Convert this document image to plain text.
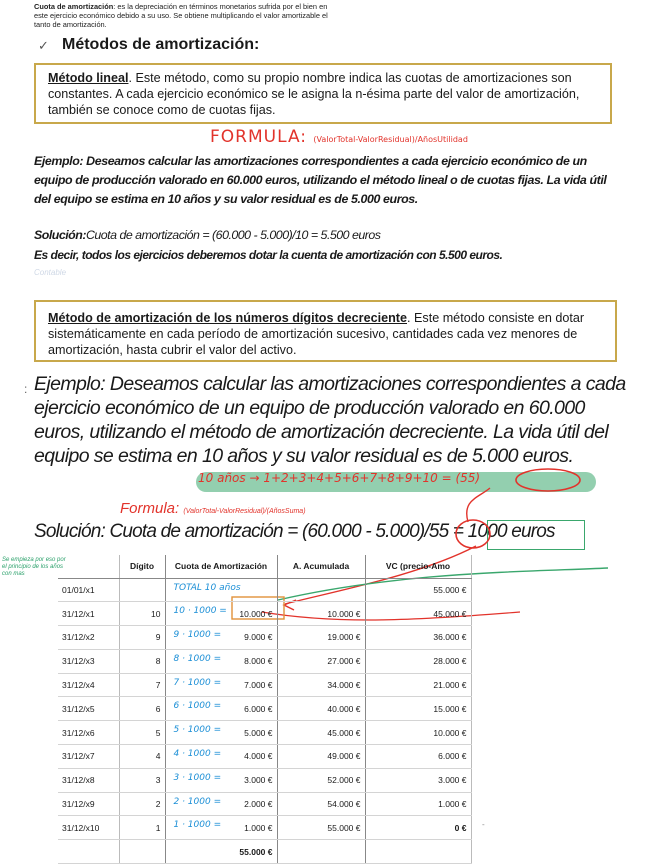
Cuota de amortización: es la depreciación en términos monetarios sufrida por el bien en este ejercicio económico debido a su uso. Se obtiene multiplicando el valor amortizable el tanto de amortización.
✓ Métodos de amortización:
Método lineal. Este método, como su propio nombre indica las cuotas de amortizaciones son constantes. A cada ejercicio económico se le asigna la n-ésima parte del valor de amortización, también se conoce como de cuotas fijas.
FORMULA: (ValorTotal-ValorResidual)/AñosUtilidad
Ejemplo: Deseamos calcular las amortizaciones correspondientes a cada ejercicio económico de un equipo de producción valorado en 60.000 euros, utilizando el método lineal o de cuotas fijas. La vida útil del equipo se estima en 10 años y su valor residual es de 5.000 euros.
Solución:Cuota de amortización = (60.000 - 5.000)/10 = 5.500 euros
Es decir, todos los ejercicios deberemos dotar la cuenta de amortización con 5.500 euros.
Contable
Método de amortización de los números dígitos decreciente. Este método consiste en dotar sistemáticamente en cada período de amortización sucesivo, cantidades cada vez menores de amortización, hasta cubrir el valor del activo.
: Ejemplo: Deseamos calcular las amortizaciones correspondientes a cada ejercicio económico de un equipo de producción valorado en 60.000 euros, utilizando el método de amortización decreciente. La vida útil del equipo se estima en 10 años y su valor residual es de 5.000 euros.
10 años → 1+2+3+4+5+6+7+8+9+10 = (55)
Formula: (ValorTotal-ValorResidual)/(AñosSuma)
Solución: Cuota de amortización = (60.000 - 5.000)/55 = 1000 euros
Se empieza por eso por el principio de los años con mas
	Dígito	Cuota de Amortización	A. Acumulada	VC (precio-Amo
01/01/x1		TOTAL 10 años		55.000 €
31/12/x1	10	10 · 1000 = 10.000 €	10.000 €	45.000 €
31/12/x2	9	9 · 1000 = 9.000 €	19.000 €	36.000 €
31/12/x3	8	8 · 1000 = 8.000 €	27.000 €	28.000 €
31/12/x4	7	7 · 1000 = 7.000 €	34.000 €	21.000 €
31/12/x5	6	6 · 1000 = 6.000 €	40.000 €	15.000 €
31/12/x6	5	5 · 1000 = 5.000 €	45.000 €	10.000 €
31/12/x7	4	4 · 1000 = 4.000 €	49.000 €	6.000 €
31/12/x8	3	3 · 1000 = 3.000 €	52.000 €	3.000 €
31/12/x9	2	2 · 1000 = 2.000 €	54.000 €	1.000 €
31/12/x10	1	1 · 1000 = 1.000 €	55.000 €	0 €
		55.000 €		
-
